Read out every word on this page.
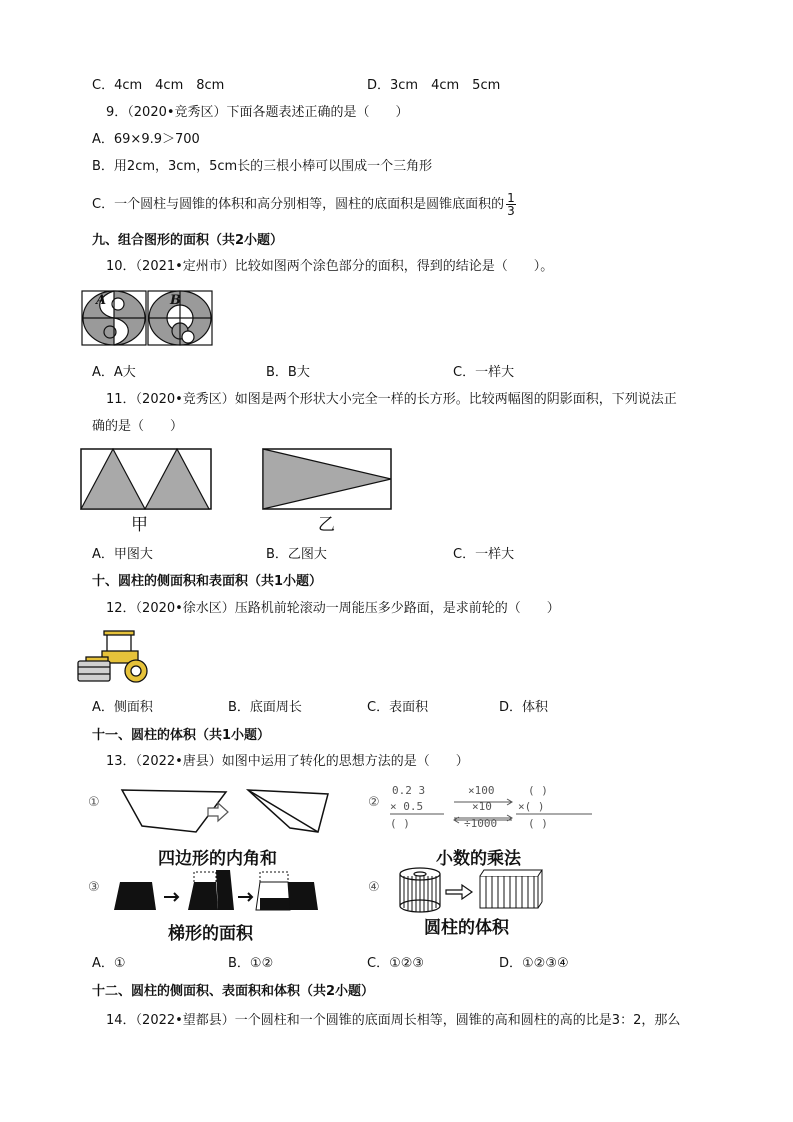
C．4cm　4cm　8cm	D．3cm　4cm　5cm
9．（2020•竞秀区）下面各题表述正确的是（　　）
A．69×9.9＞700
B．用2cm，3cm，5cm长的三根小棒可以围成一个三角形
C．一个圆柱与圆锥的体积和高分别相等，圆柱的底面积是圆锥底面积的 $\frac{1}{3}$
九、组合图形的面积（共2小题）
10．（2021•定州市）比较如图两个涂色部分的面积，得到的结论是（　　）。
A	B
A．A大	B．B大	C．一样大
11．（2020•竞秀区）如图是两个形状大小完全一样的长方形。比较两幅图的阴影面积，下列说法正
确的是（　　）
甲	乙
A．甲图大	B．乙图大	C．一样大
十、圆柱的侧面积和表面积（共1小题）
12．（2020•徐水区）压路机前轮滚动一周能压多少路面，是求前轮的（　　）
A．侧面积	B．底面周长	C．表面积	D．体积
十一、圆柱的体积（共1小题）
13．（2022•唐县）如图中运用了转化的思想方法的是（　　）
①
四边形的内角和
②
0.2 3
× 0.5
( )
×100
×10
÷1000
( )
×( )
( )
小数的乘法
③
梯形的面积
④
圆柱的体积
A．①	B．①②	C．①②③	D．①②③④
十二、圆柱的侧面积、表面积和体积（共2小题）
14．（2022•望都县）一个圆柱和一个圆锥的底面周长相等，圆锥的高和圆柱的高的比是3：2，那么
